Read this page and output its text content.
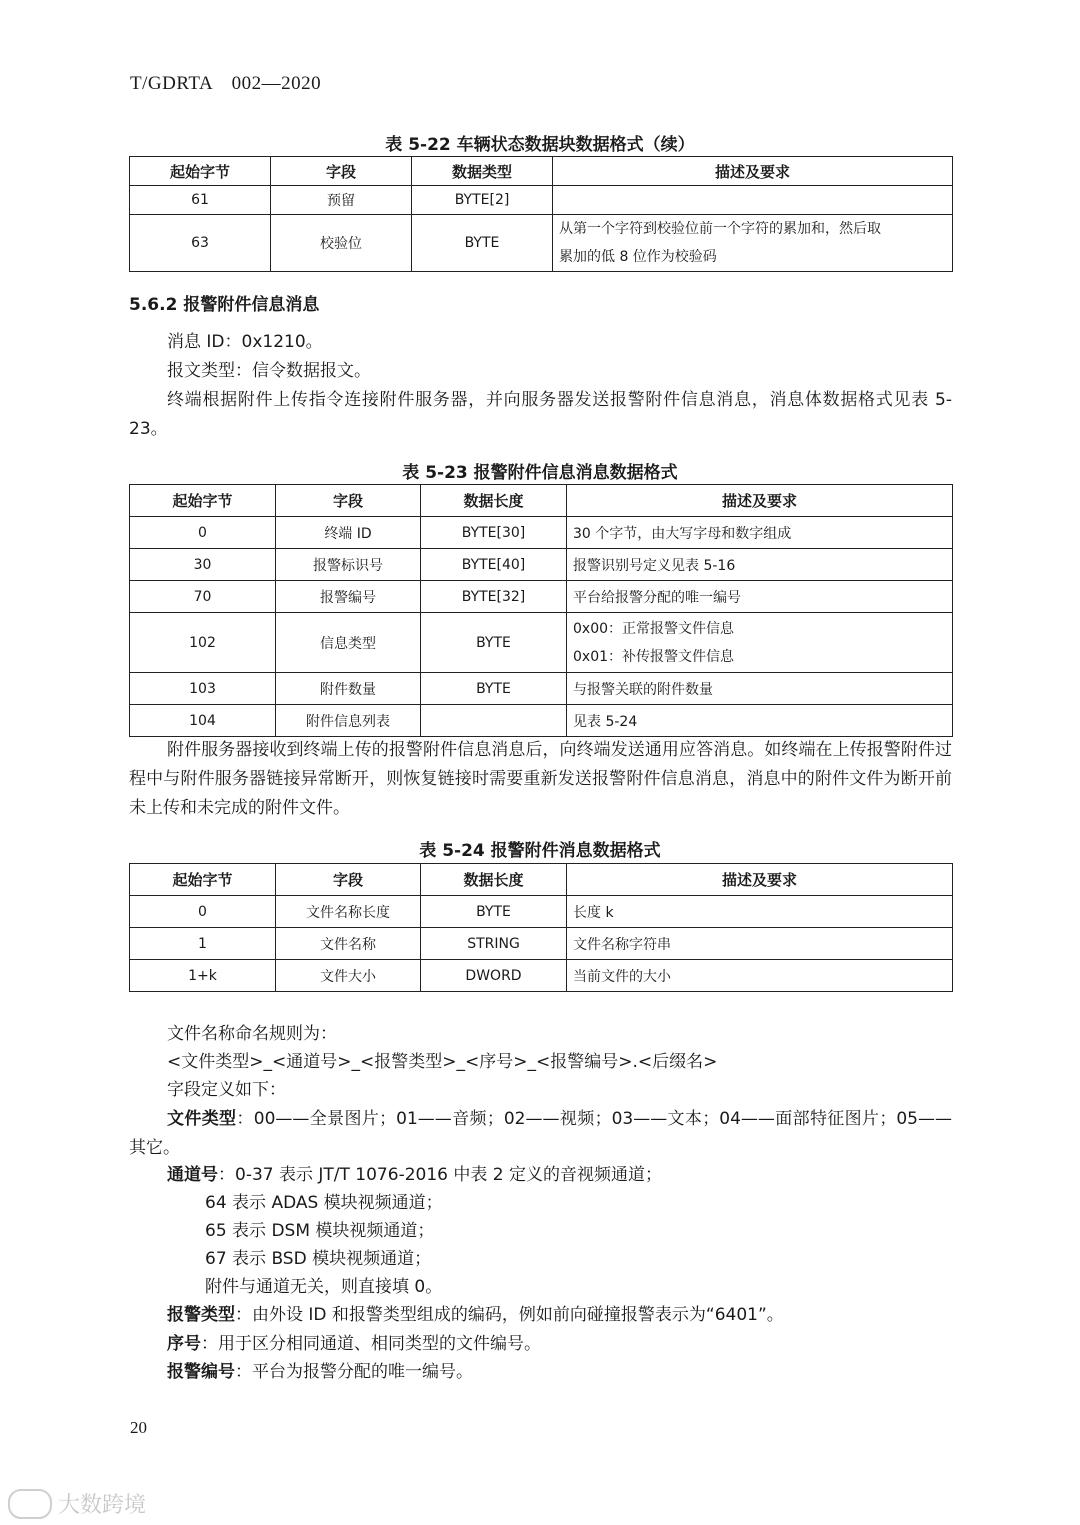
T/GDRTA　002—2020
表 5-22 车辆状态数据块数据格式（续）
起始字节	字段	数据类型	描述及要求
61	预留	BYTE[2]	
63	校验位	BYTE	从第一个字符到校验位前一个字符的累加和，然后取
累加的低 8 位作为校验码
5.6.2 报警附件信息消息
消息 ID：0x1210。
报文类型：信令数据报文。
终端根据附件上传指令连接附件服务器，并向服务器发送报警附件信息消息，消息体数据格式见表 5-23。
表 5-23 报警附件信息消息数据格式
起始字节	字段	数据长度	描述及要求
0	终端 ID	BYTE[30]	30 个字节，由大写字母和数字组成
30	报警标识号	BYTE[40]	报警识别号定义见表 5-16
70	报警编号	BYTE[32]	平台给报警分配的唯一编号
102	信息类型	BYTE	0x00：正常报警文件信息
0x01：补传报警文件信息

103	附件数量	BYTE	与报警关联的附件数量
104	附件信息列表		见表 5-24
附件服务器接收到终端上传的报警附件信息消息后，向终端发送通用应答消息。如终端在上传报警附件过程中与附件服务器链接异常断开，则恢复链接时需要重新发送报警附件信息消息，消息中的附件文件为断开前未上传和未完成的附件文件。
表 5-24 报警附件消息数据格式
起始字节	字段	数据长度	描述及要求
0	文件名称长度	BYTE	长度 k
1	文件名称	STRING	文件名称字符串
1+k	文件大小	DWORD	当前文件的大小
文件名称命名规则为：
<文件类型>_<通道号>_<报警类型>_<序号>_<报警编号>.<后缀名>
字段定义如下：
文件类型：00——全景图片；01——音频；02——视频；03——文本；04——面部特征图片；05——其它。
通道号：0-37 表示 JT/T 1076-2016 中表 2 定义的音视频通道；
64 表示 ADAS 模块视频通道；
65 表示 DSM 模块视频通道；
67 表示 BSD 模块视频通道；
附件与通道无关，则直接填 0。
报警类型：由外设 ID 和报警类型组成的编码，例如前向碰撞报警表示为“6401”。
序号：用于区分相同通道、相同类型的文件编号。
报警编号：平台为报警分配的唯一编号。
20
大数跨境
